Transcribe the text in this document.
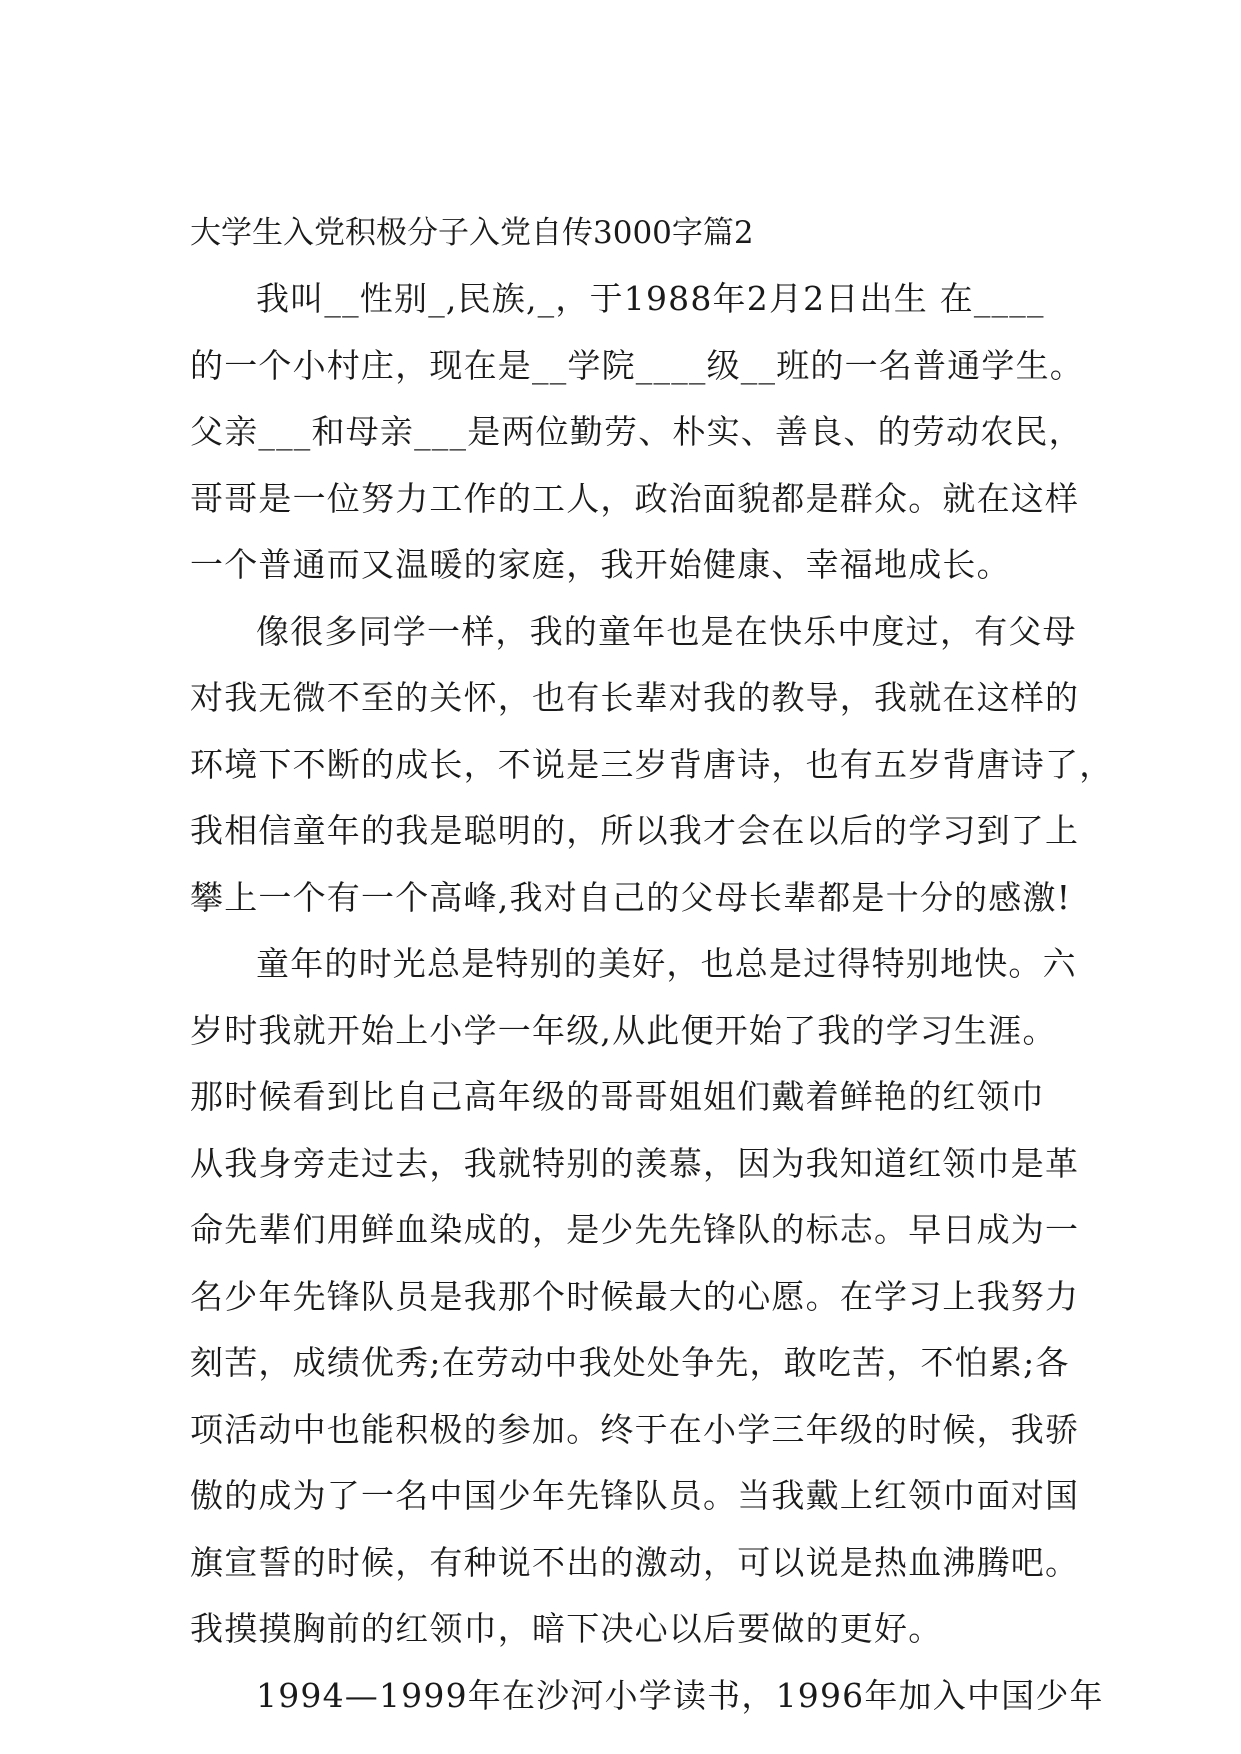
大学生入党积极分子入党自传3000字篇2
我叫__性别_,民族,_，于1988年2月2日出生 在____
的一个小村庄，现在是__学院____级__班的一名普通学生。
父亲___和母亲___是两位勤劳、朴实、善良、的劳动农民，
哥哥是一位努力工作的工人，政治面貌都是群众。就在这样
一个普通而又温暖的家庭，我开始健康、幸福地成长。
像很多同学一样，我的童年也是在快乐中度过，有父母
对我无微不至的关怀，也有长辈对我的教导，我就在这样的
环境下不断的成长，不说是三岁背唐诗，也有五岁背唐诗了，
我相信童年的我是聪明的，所以我才会在以后的学习到了上
攀上一个有一个高峰,我对自己的父母长辈都是十分的感激!
童年的时光总是特别的美好，也总是过得特别地快。六
岁时我就开始上小学一年级,从此便开始了我的学习生涯。
那时候看到比自己高年级的哥哥姐姐们戴着鲜艳的红领巾
从我身旁走过去，我就特别的羡慕，因为我知道红领巾是革
命先辈们用鲜血染成的，是少先先锋队的标志。早日成为一
名少年先锋队员是我那个时候最大的心愿。在学习上我努力
刻苦，成绩优秀;在劳动中我处处争先，敢吃苦，不怕累;各
项活动中也能积极的参加。终于在小学三年级的时候，我骄
傲的成为了一名中国少年先锋队员。当我戴上红领巾面对国
旗宣誓的时候，有种说不出的激动，可以说是热血沸腾吧。
我摸摸胸前的红领巾，暗下决心以后要做的更好。
1994—1999年在沙河小学读书，1996年加入中国少年
